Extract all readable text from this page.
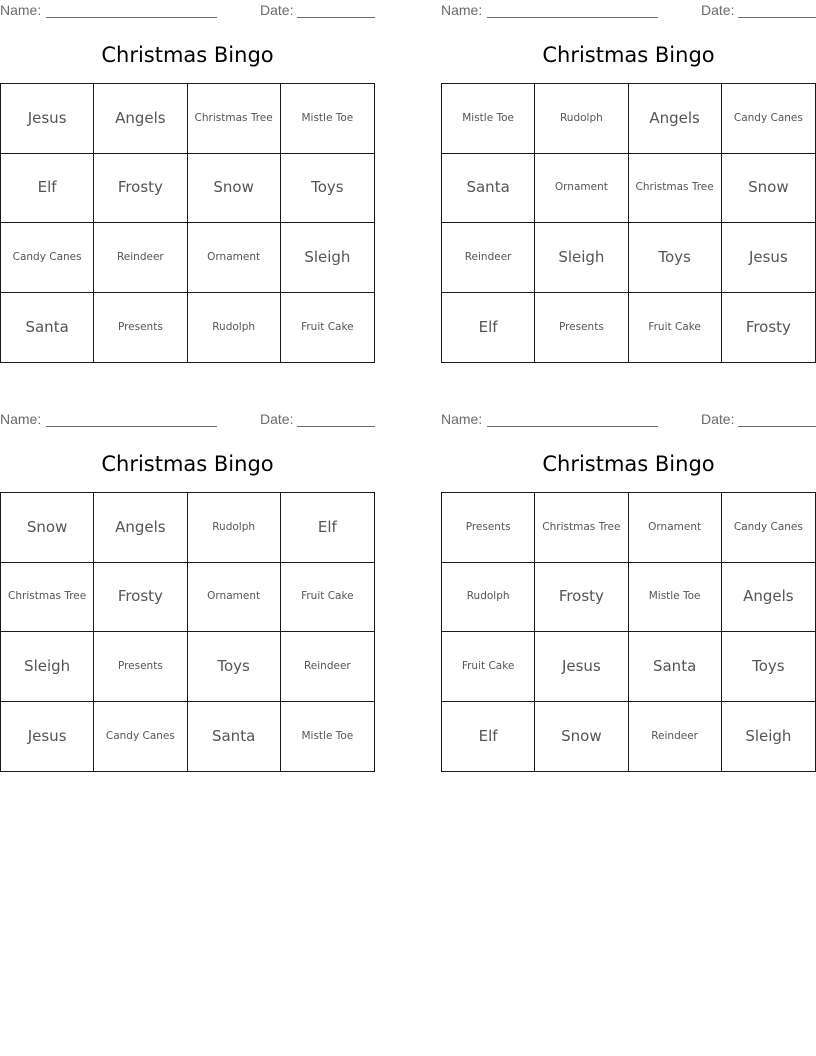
Name:	Date:
Christmas Bingo
Jesus	Angels	Christmas Tree	Mistle Toe
Elf	Frosty	Snow	Toys
Candy Canes	Reindeer	Ornament	Sleigh
Santa	Presents	Rudolph	Fruit Cake
Name:	Date:
Christmas Bingo
Mistle Toe	Rudolph	Angels	Candy Canes
Santa	Ornament	Christmas Tree	Snow
Reindeer	Sleigh	Toys	Jesus
Elf	Presents	Fruit Cake	Frosty
Name:	Date:
Christmas Bingo
Snow	Angels	Rudolph	Elf
Christmas Tree	Frosty	Ornament	Fruit Cake
Sleigh	Presents	Toys	Reindeer
Jesus	Candy Canes	Santa	Mistle Toe
Name:	Date:
Christmas Bingo
Presents	Christmas Tree	Ornament	Candy Canes
Rudolph	Frosty	Mistle Toe	Angels
Fruit Cake	Jesus	Santa	Toys
Elf	Snow	Reindeer	Sleigh
